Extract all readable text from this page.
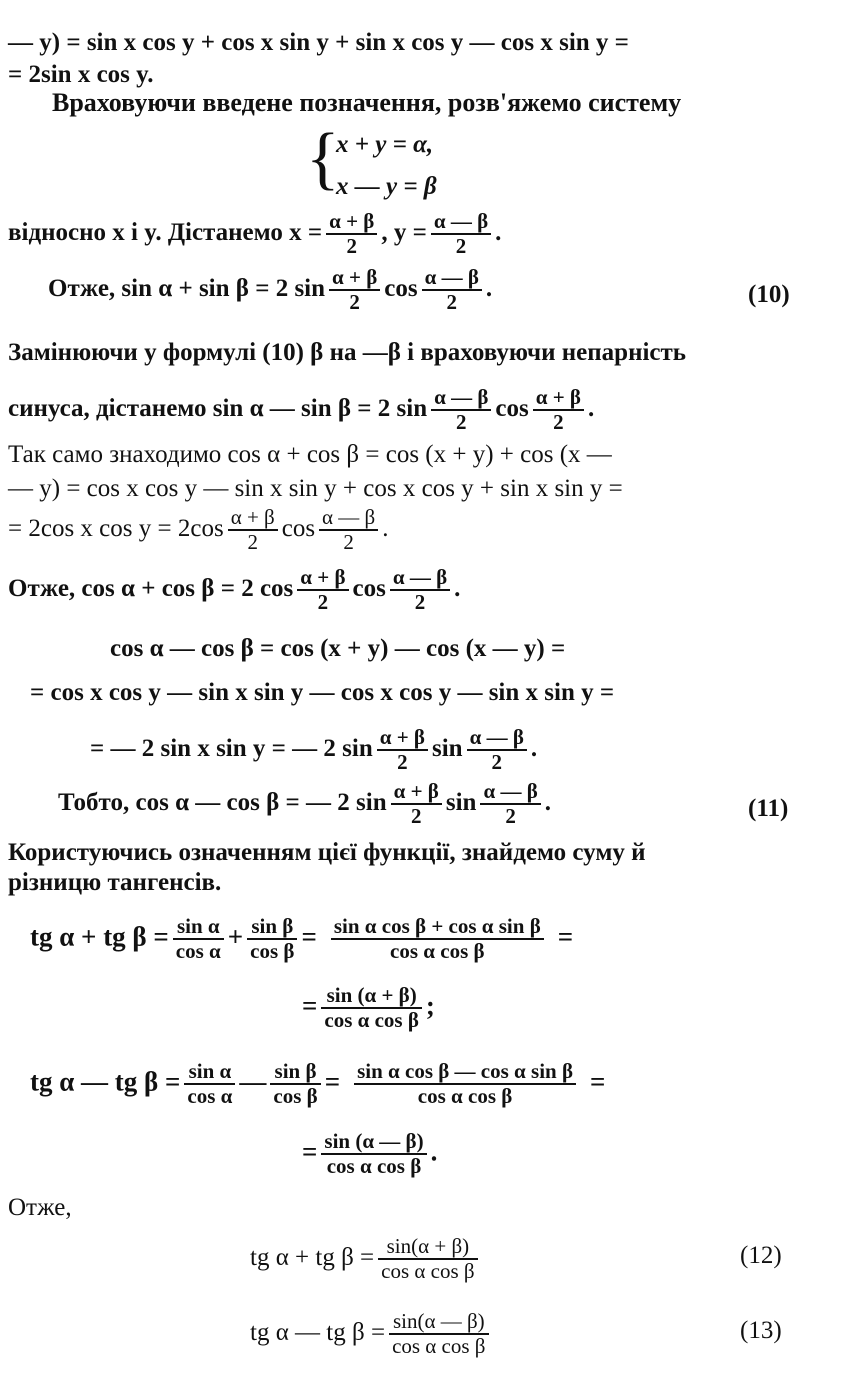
— y) = sin x cos y + cos x sin y + sin x cos y — cos x sin y =
= 2sin x cos y.
Враховуючи введене позначення, розв'яжемо систему
{
x + y = α,
x — y = β
відносно x і y. Дістанемо $x = \frac{\alpha + \beta}{2}$ , $y = \frac{\alpha — \beta}{2}$ .
Отже, sin α + sin β = 2 $\sin \frac{\alpha + \beta}{2}$ $\cos \frac{\alpha — \beta}{2}$ .	(10)
Замінюючи у формулі (10) β на —β і враховуючи непарність
синуса, дістанемо sin α — sin β = 2 $\sin \frac{\alpha — \beta}{2}$ $\cos \frac{\alpha + \beta}{2}$ .
Так само знаходимо cos α + cos β = cos (x + y) + cos (x —
— y) = cos x cos y — sin x sin y + cos x cos y + sin x sin y =
= 2cos x $\cos y = 2\cos \frac{\alpha + \beta}{2}$ $\cos \frac{\alpha — \beta}{2}$ .
Отже, cos α + cos β = 2 $\cos \frac{\alpha + \beta}{2}$ $\cos \frac{\alpha — \beta}{2}$ .
cos α — cos β = cos (x + y) — cos (x — y) =
= cos x cos y — sin x sin y — cos x cos y — sin x sin y =
= — 2 sin x sin y = — 2 $\sin \frac{\alpha + \beta}{2}$ $\sin \frac{\alpha — \beta}{2}$ .
Тобто, cos α — cos β = — 2 $\sin \frac{\alpha + \beta}{2}$ $\sin \frac{\alpha — \beta}{2}$ .	(11)
Користуючись означенням цієї функції, знайдемо суму й
різницю тангенсів.
tg α + tg $\beta = \frac{\text{sin α}}{\text{cos α}} + \frac{\text{sin β}}{\text{cos β}} = \frac{\text{sin α cos β + cos α sin β}}{\text{cos α cos β}}$ =
= $\frac{\sin (\alpha + \beta)}{\text{cos α cos β}}$ ;
tg α — tg $\beta = \frac{\text{sin α}}{\text{cos α}}$ — $\frac{\text{sin β}}{\text{cos β}} = \frac{\text{sin α cos β — cos α sin β}}{\text{cos α cos β}}$ =
= $\frac{\sin (\alpha — \beta)}{\text{cos α cos β}}$ .
Отже,
tg α + tg $\beta = \frac{\sin(\alpha + \beta)}{\text{cos α cos β}}$	(12)
tg α — tg $\beta = \frac{\sin(\alpha — \beta)}{\text{cos α cos β}}$	(13)
